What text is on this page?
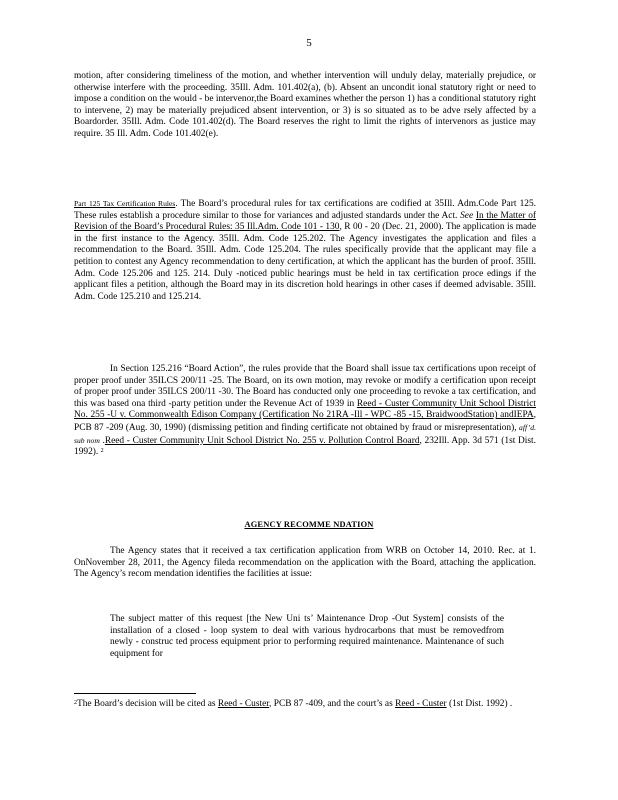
5

motion, after considering timeliness of the motion, and whether intervention will unduly delay, materially prejudice, or otherwise interfere with the proceeding. 35Ill. Adm. 101.402(a), (b). Absent an uncondit ional statutory right or need to impose a condition on the would - be intervenor,the Board examines whether the person 1) has a conditional statutory right to intervene, 2) may be materially prejudiced absent intervention, or 3) is so situated as to be adve rsely affected by a Boardorder. 35Ill. Adm. Code 101.402(d). The Board reserves the right to limit the rights of intervenors as justice may require. 35 Ill. Adm. Code 101.402(e).

Part 125 Tax Certification Rules. The Board’s procedural rules for tax certifications are codified at 35Ill. Adm.Code Part 125. These rules establish a procedure similar to those for variances and adjusted standards under the Act. See In the Matter of Revision of the Board’s Procedural Rules: 35 Ill.Adm. Code 101 - 130, R 00 - 20 (Dec. 21, 2000). The application is made in the first instance to the Agency. 35Ill. Adm. Code 125.202. The Agency investigates the application and files a recommendation to the Board. 35Ill. Adm. Code 125.204. The rules specifically provide that the applicant may file a petition to contest any Agency recommendation to deny certification, at which the applicant has the burden of proof. 35Ill. Adm. Code 125.206 and 125. 214. Duly -noticed public hearings must be held in tax certification proce edings if the applicant files a petition, although the Board may in its discretion hold hearings in other cases if deemed advisable. 35Ill. Adm. Code 125.210 and 125.214.

In Section 125.216 “Board Action”, the rules provide that the Board shall issue tax certifications upon receipt of proper proof under 35ILCS 200/11 -25. The Board, on its own motion, may revoke or modify a certification upon receipt of proper proof under 35ILCS 200/11 -30. The Board has conducted only one proceeding to revoke a tax certification, and this was based ona third -party petition under the Revenue Act of 1939 in Reed - Custer Community Unit School District No. 255 -U v. Commonwealth Edison Company (Certification No 21RA -Ill - WPC -85 -15, BraidwoodStation) andIEPA, PCB 87 -209 (Aug. 30, 1990) (dismissing petition and finding certificate not obtained by fraud or misrepresentation), aff’d. sub nom .Reed - Custer Community Unit School District No. 255 v. Pollution Control Board, 232Ill. App. 3d 571 (1st Dist. 1992). $^2$

AGENCY RECOMME NDATION

The Agency states that it received a tax certification application from WRB on October 14, 2010. Rec. at 1. OnNovember 28, 2011, the Agency fileda recommendation on the application with the Board, attaching the application. The Agency’s recom mendation identifies the facilities at issue:

The subject matter of this request [the New Uni ts’ Maintenance Drop -Out System] consists of the installation of a closed - loop system to deal with various hydrocarbons that must be removedfrom newly - construc ted process equipment prior to performing required maintenance. Maintenance of such equipment for

$^2$The Board’s decision will be cited as Reed - Custer, PCB 87 -409, and the court’s as Reed - Custer (1st Dist. 1992) .
